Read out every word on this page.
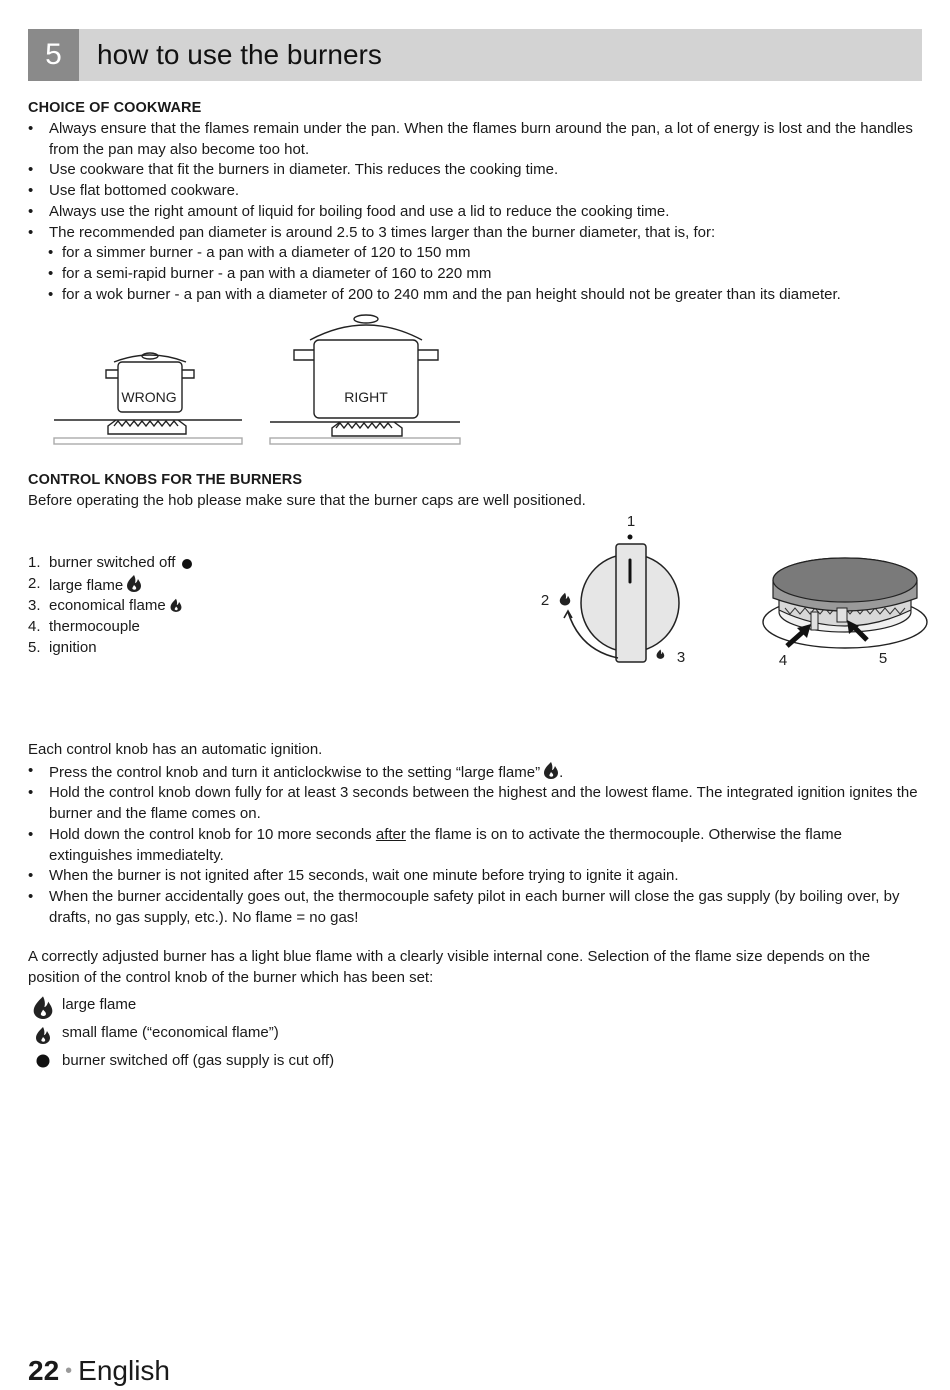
5	how to use the burners
CHOICE OF COOKWARE
• Always ensure that the flames remain under the pan. When the flames burn around the pan, a lot of energy is lost and the handles from the pan may also become too hot.
• Use cookware that fit the burners in diameter. This reduces the cooking time.
• Use flat bottomed cookware.
• Always use the right amount of liquid for boiling food and use a lid to reduce the cooking time.
• The recommended pan diameter is around 2.5 to 3 times larger than the burner diameter, that is, for:
• for a simmer burner - a pan with a diameter of 120 to 150 mm
• for a semi-rapid burner - a pan with a diameter of 160 to 220 mm
• for a wok burner - a pan with a diameter of 200 to 240 mm and the pan height should not be greater than its diameter.
WRONG	RIGHT
CONTROL KNOBS FOR THE BURNERS
Before operating the hob please make sure that the burner caps are well positioned.
1. burner switched off
2. large flame
3. economical flame
4. thermocouple
5. ignition
1
2
3	4	5
Each control knob has an automatic ignition.
• Press the control knob and turn it anticlockwise to the setting “large flame” .
• Hold the control knob down fully for at least 3 seconds between the highest and the lowest flame. The integrated ignition ignites the burner and the flame comes on.
• Hold down the control knob for 10 more seconds after the flame is on to activate the thermocouple. Otherwise the flame extinguishes immediatelty.
• When the burner is not ignited after 15 seconds, wait one minute before trying to ignite it again.
• When the burner accidentally goes out, the thermocouple safety pilot in each burner will close the gas supply (by boiling over, by drafts, no gas supply, etc.). No flame = no gas!
A correctly adjusted burner has a light blue flame with a clearly visible internal cone. Selection of the flame size depends on the position of the control knob of the burner which has been set:
large flame
small flame (“economical flame”)
burner switched off (gas supply is cut off)
22 • English
